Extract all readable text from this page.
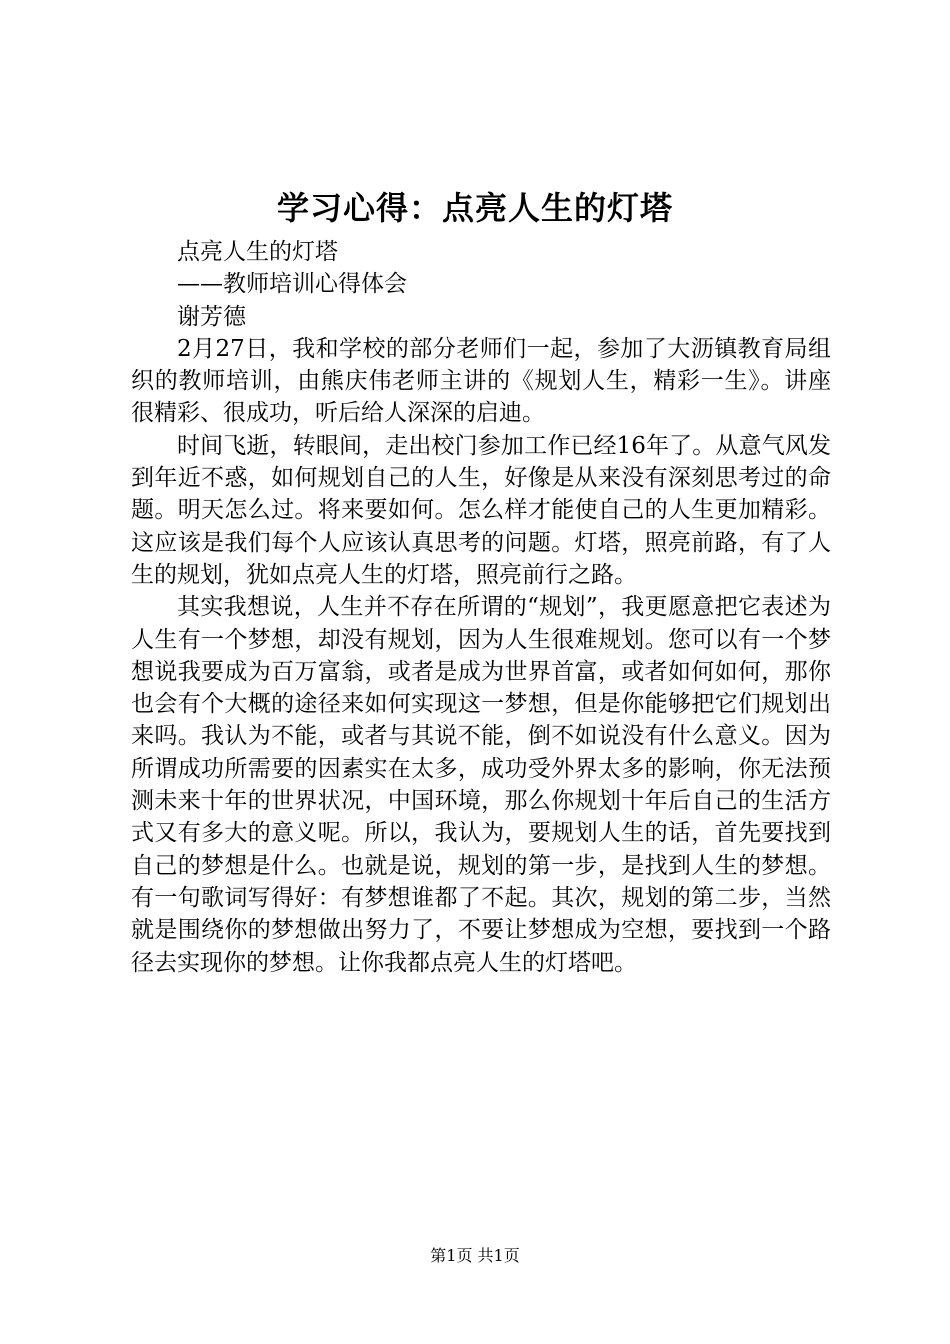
学习心得：点亮人生的灯塔

点亮人生的灯塔

——教师培训心得体会

谢芳德

2月27日，我和学校的部分老师们一起，参加了大沥镇教育局组织的教师培训，由熊庆伟老师主讲的《规划人生，精彩一生》。讲座很精彩、很成功，听后给人深深的启迪。

时间飞逝，转眼间，走出校门参加工作已经16年了。从意气风发到年近不惑，如何规划自己的人生，好像是从来没有深刻思考过的命题。明天怎么过。将来要如何。怎么样才能使自己的人生更加精彩。这应该是我们每个人应该认真思考的问题。灯塔，照亮前路，有了人生的规划，犹如点亮人生的灯塔，照亮前行之路。

其实我想说，人生并不存在所谓的“规划”，我更愿意把它表述为人生有一个梦想，却没有规划，因为人生很难规划。您可以有一个梦想说我要成为百万富翁，或者是成为世界首富，或者如何如何，那你也会有个大概的途径来如何实现这一梦想，但是你能够把它们规划出来吗。我认为不能，或者与其说不能，倒不如说没有什么意义。因为所谓成功所需要的因素实在太多，成功受外界太多的影响，你无法预测未来十年的世界状况，中国环境，那么你规划十年后自己的生活方式又有多大的意义呢。所以，我认为，要规划人生的话，首先要找到自己的梦想是什么。也就是说，规划的第一步，是找到人生的梦想。有一句歌词写得好：有梦想谁都了不起。其次，规划的第二步，当然就是围绕你的梦想做出努力了，不要让梦想成为空想，要找到一个路径去实现你的梦想。让你我都点亮人生的灯塔吧。

第1页 共1页
